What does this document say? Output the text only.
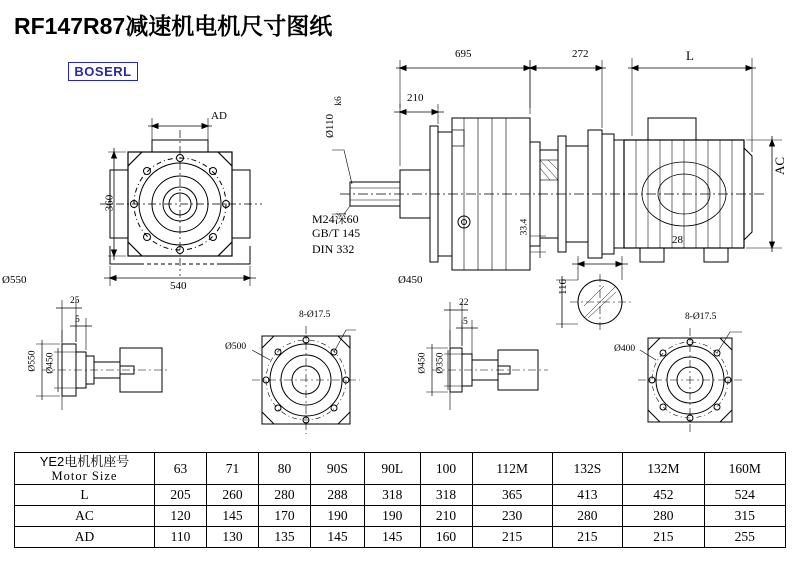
RF147R87减速机电机尺寸图纸
BOSERL
AD
360
540
Ø550	Ø450
695
210
272	L
AC
Ø110
k6
M24深60
GB/T 145
DIN 332
33.4
28
116
8-Ø17.5	8-Ø17.5
25
5
22
5
Ø550 Ø450
Ø500
Ø450 Ø350
Ø400
YE2电机机座号
Motor Size	63	71	80	90S	90L	100	112M	132S	132M	160M
L	205	260	280	288	318	318	365	413	452	524
AC	120	145	170	190	190	210	230	280	280	315
AD	110	130	135	145	145	160	215	215	215	255
